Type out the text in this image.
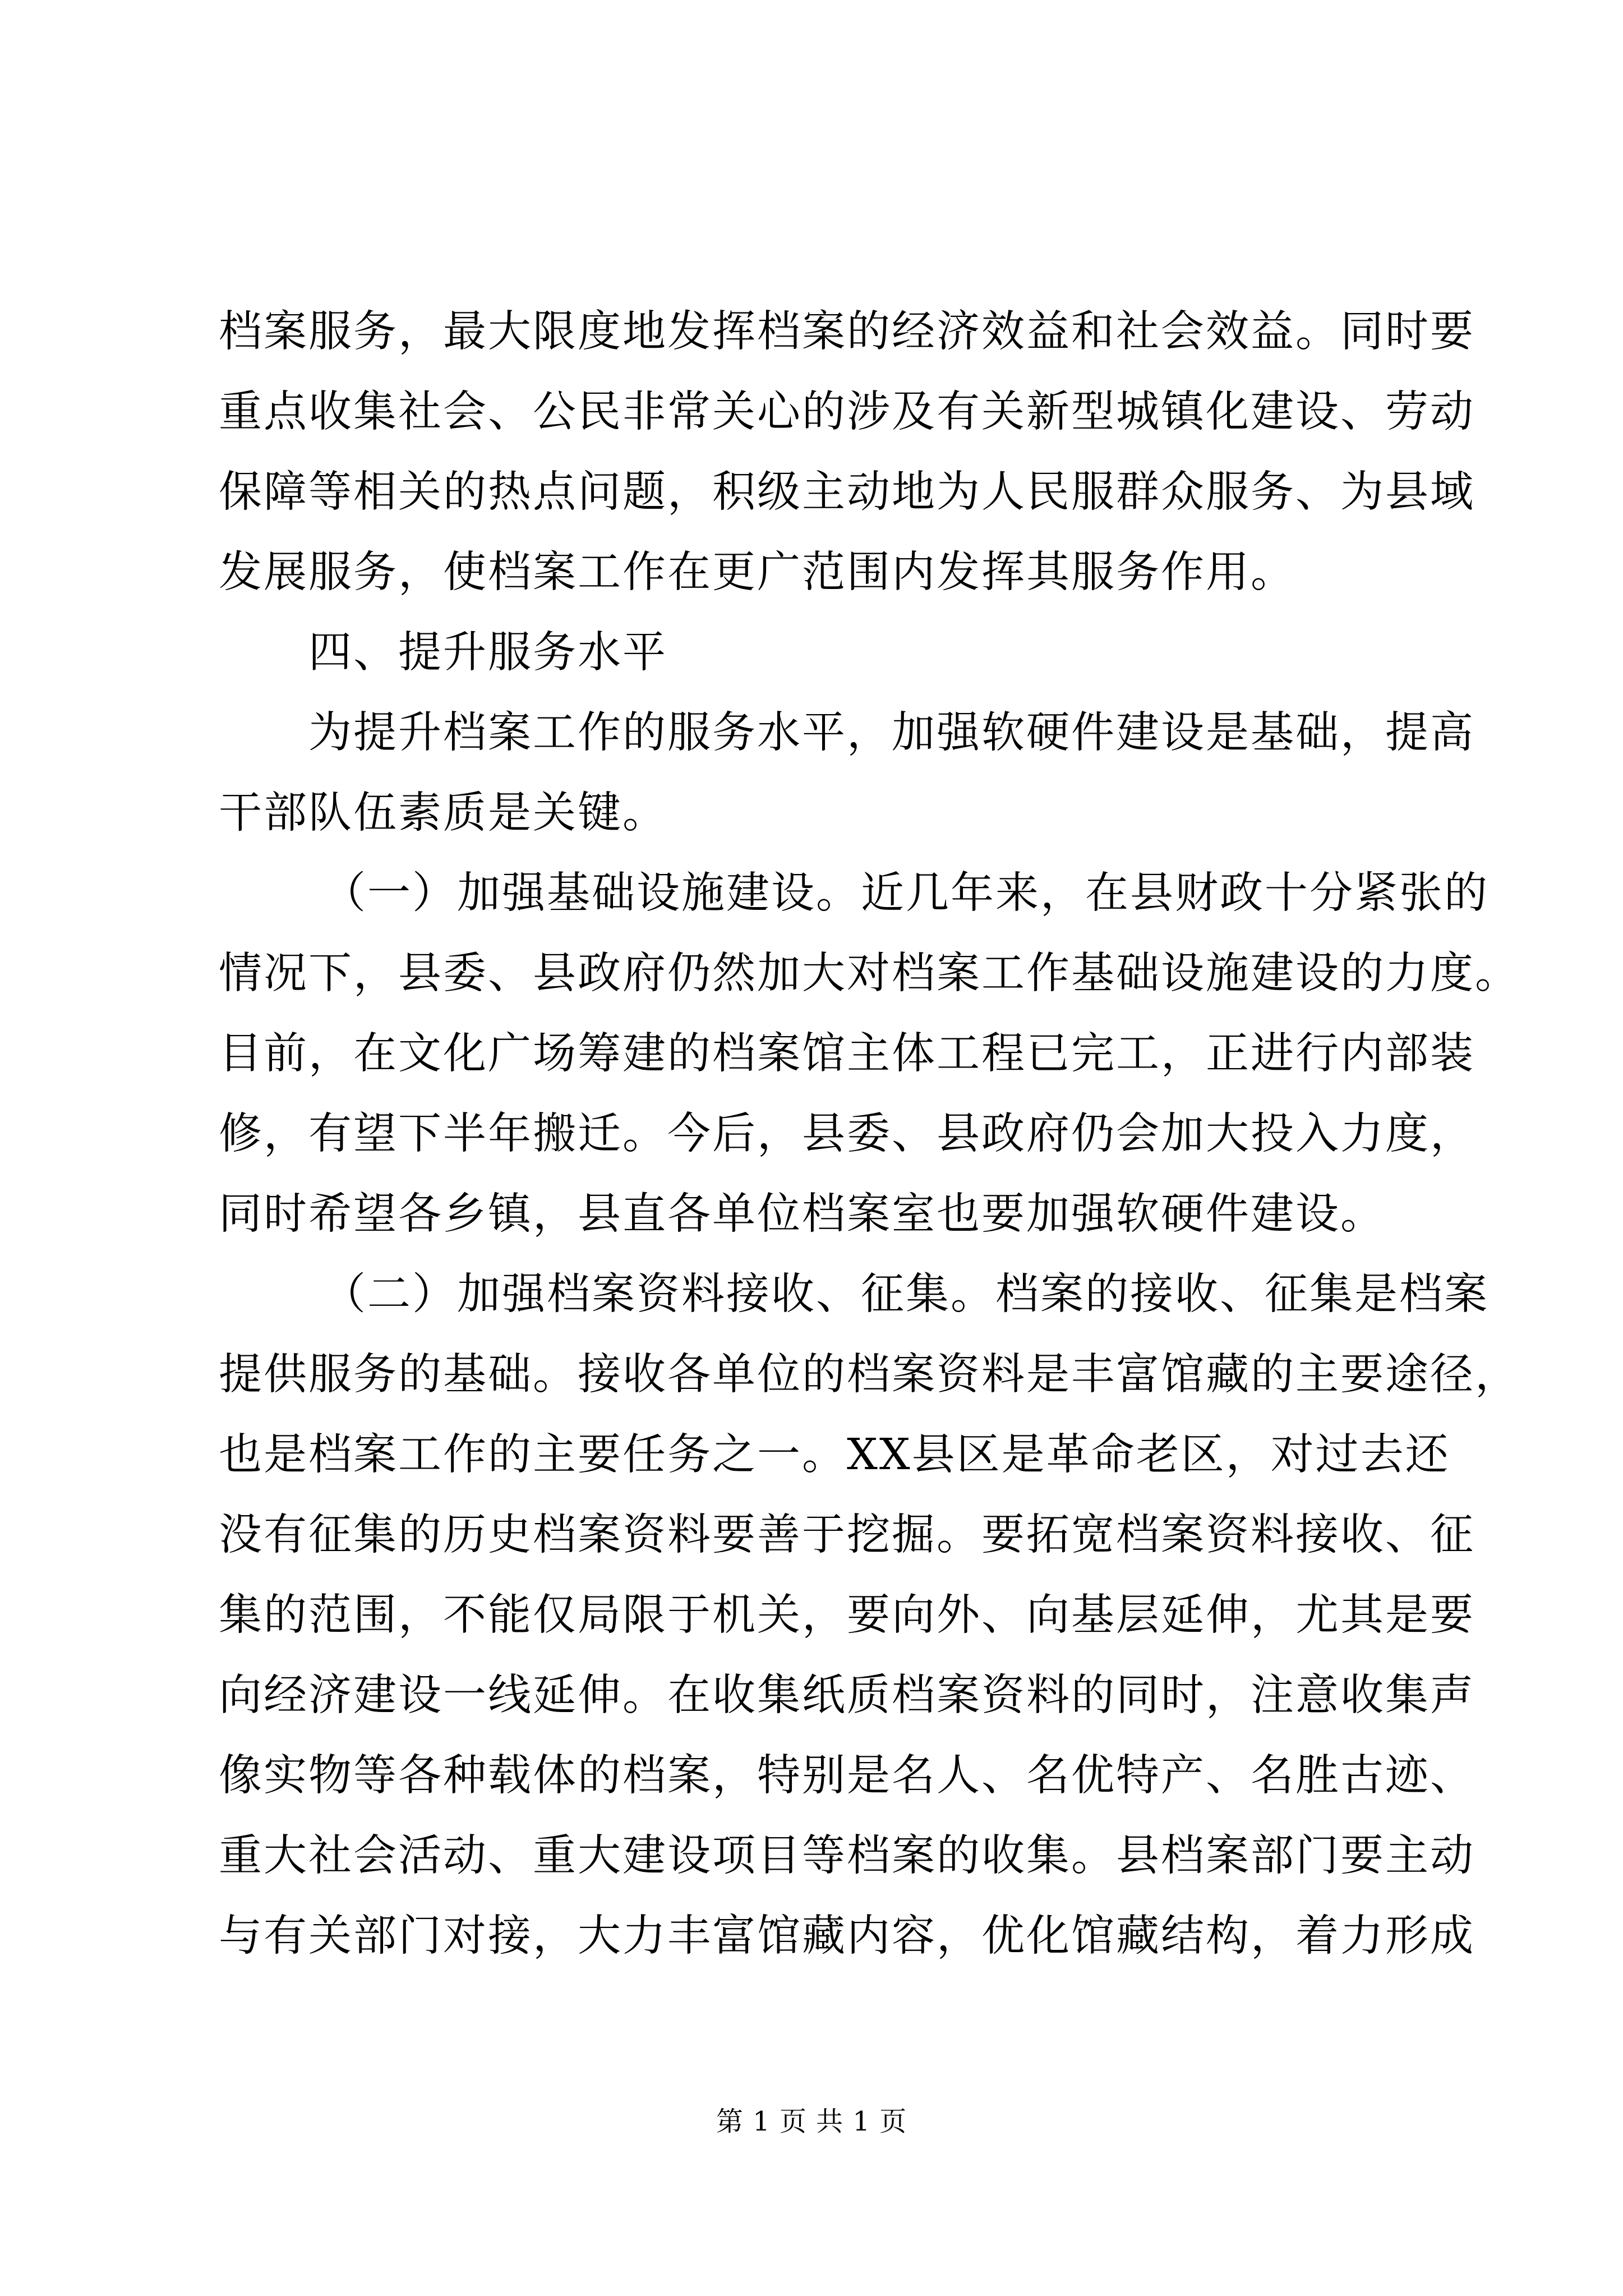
档案服务，最大限度地发挥档案的经济效益和社会效益。同时要
重点收集社会、公民非常关心的涉及有关新型城镇化建设、劳动
保障等相关的热点问题，积级主动地为人民服群众服务、为县域
发展服务，使档案工作在更广范围内发挥其服务作用。
四、提升服务水平
为提升档案工作的服务水平，加强软硬件建设是基础，提高
干部队伍素质是关键。
（一）加强基础设施建设。近几年来，在县财政十分紧张的
情况下，县委、县政府仍然加大对档案工作基础设施建设的力度。
目前，在文化广场筹建的档案馆主体工程已完工，正进行内部装
修，有望下半年搬迁。今后，县委、县政府仍会加大投入力度，
同时希望各乡镇，县直各单位档案室也要加强软硬件建设。
（二）加强档案资料接收、征集。档案的接收、征集是档案
提供服务的基础。接收各单位的档案资料是丰富馆藏的主要途径，
也是档案工作的主要任务之一。XX县区是革命老区，对过去还
没有征集的历史档案资料要善于挖掘。要拓宽档案资料接收、征
集的范围，不能仅局限于机关，要向外、向基层延伸，尤其是要
向经济建设一线延伸。在收集纸质档案资料的同时，注意收集声
像实物等各种载体的档案，特别是名人、名优特产、名胜古迹、
重大社会活动、重大建设项目等档案的收集。县档案部门要主动
与有关部门对接，大力丰富馆藏内容，优化馆藏结构，着力形成
第 1 页 共 1 页
